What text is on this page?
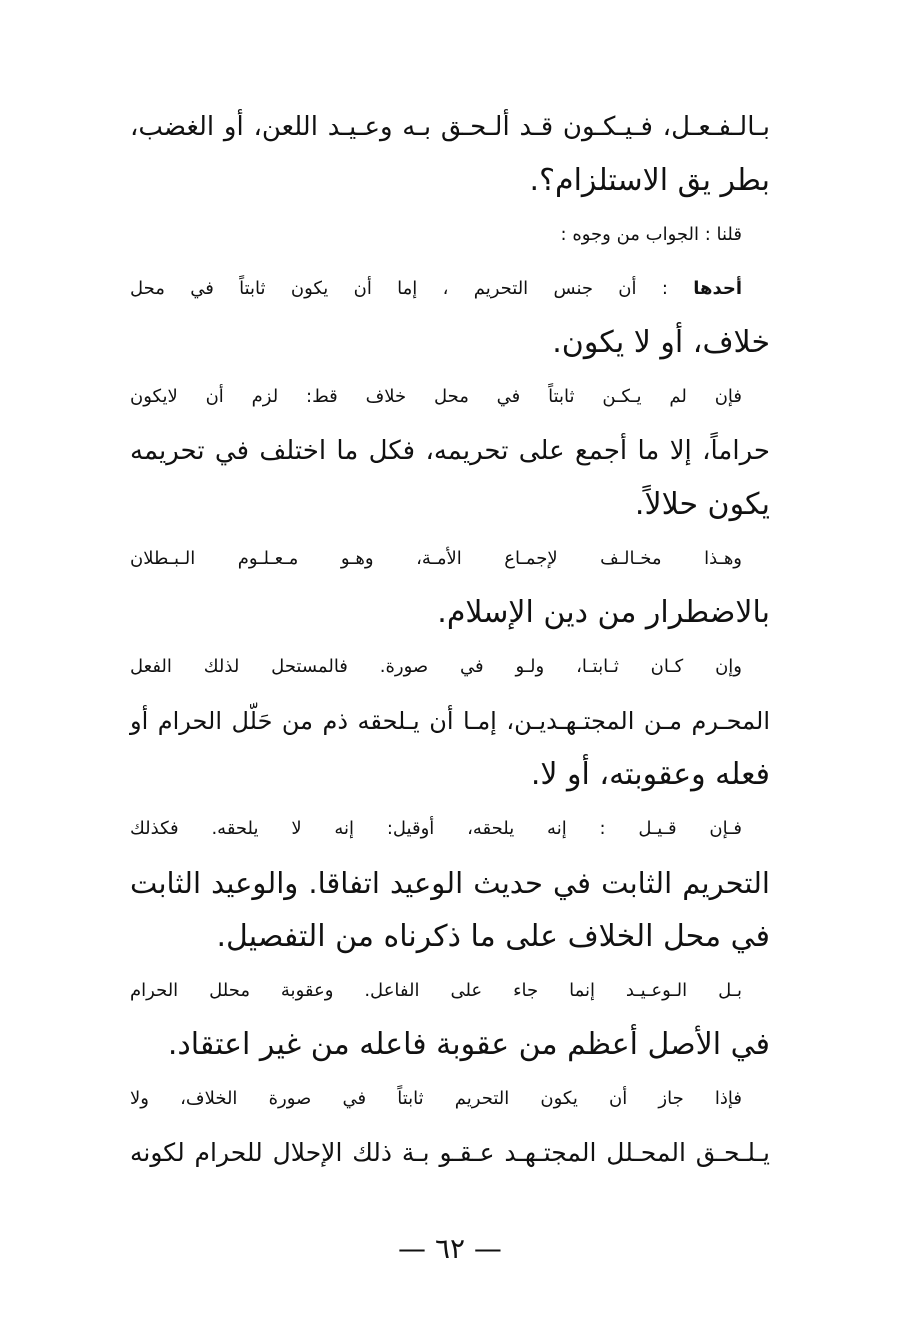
بـالـفـعـل، فـيـكـون قـد ألـحـق بـه وعـيـد اللعن، أو الغضب،
بطر يق الاستلزام؟.
قلنا : الجواب من وجوه :
أحدها : أن جنس التحريم ، إما أن يكون ثابتاً في محل
خلاف، أو لا يكون.
فإن لم يـكـن ثابتاً في محل خلاف قط: لزم أن لايكون
حراماً، إلا ما أجمع على تحريمه، فكل ما اختلف في تحريمه
يكون حلالاً.
وهـذا مخـالـف لإجمـاع الأمـة، وهـو مـعـلـوم الـبـطلان
بالاضطرار من دين الإسلام.
وإن كـان ثـابتـا، ولـو في صورة. فالمستحل لذلك الفعل
المحـرم مـن المجتـهـديـن، إمـا أن يـلحقه ذم من حَلّل الحرام أو
فعله وعقوبته، أو لا.
فـإن قـيـل : إنه يلحقه، أوقيل: إنه لا يلحقه. فكذلك
التحريم الثابت في حديث الوعيد اتفاقا. والوعيد الثابت
في محل الخلاف على ما ذكرناه من التفصيل.
بـل الـوعـيـد إنما جاء على الفاعل. وعقوبة محلل الحرام
في الأصل أعظم من عقوبة فاعله من غير اعتقاد.
فإذا جاز أن يكون التحريم ثابتاً في صورة الخلاف، ولا
يـلـحـق المحـلل المجتـهـد عـقـو بـة ذلك الإحلال للحرام لكونه
— ٦٢ —
